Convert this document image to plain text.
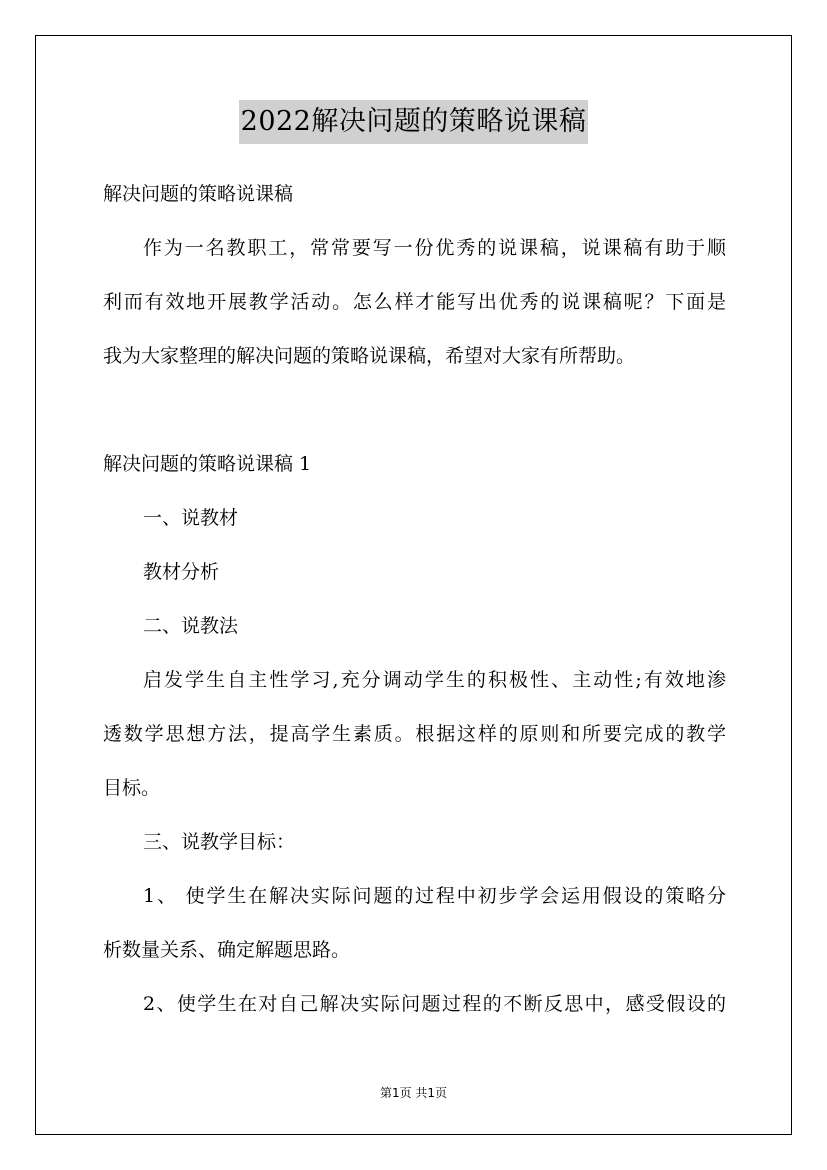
2022解决问题的策略说课稿
解决问题的策略说课稿
作为一名教职工，常常要写一份优秀的说课稿，说课稿有助于顺
利而有效地开展教学活动。怎么样才能写出优秀的说课稿呢？下面是
我为大家整理的解决问题的策略说课稿，希望对大家有所帮助。
解决问题的策略说课稿 1
一、说教材
教材分析
二、说教法
启发学生自主性学习,充分调动学生的积极性、主动性;有效地渗
透数学思想方法，提高学生素质。根据这样的原则和所要完成的教学
目标。
三、说教学目标：
1、 使学生在解决实际问题的过程中初步学会运用假设的策略分
析数量关系、确定解题思路。
2、使学生在对自己解决实际问题过程的不断反思中，感受假设的
第1页 共1页
